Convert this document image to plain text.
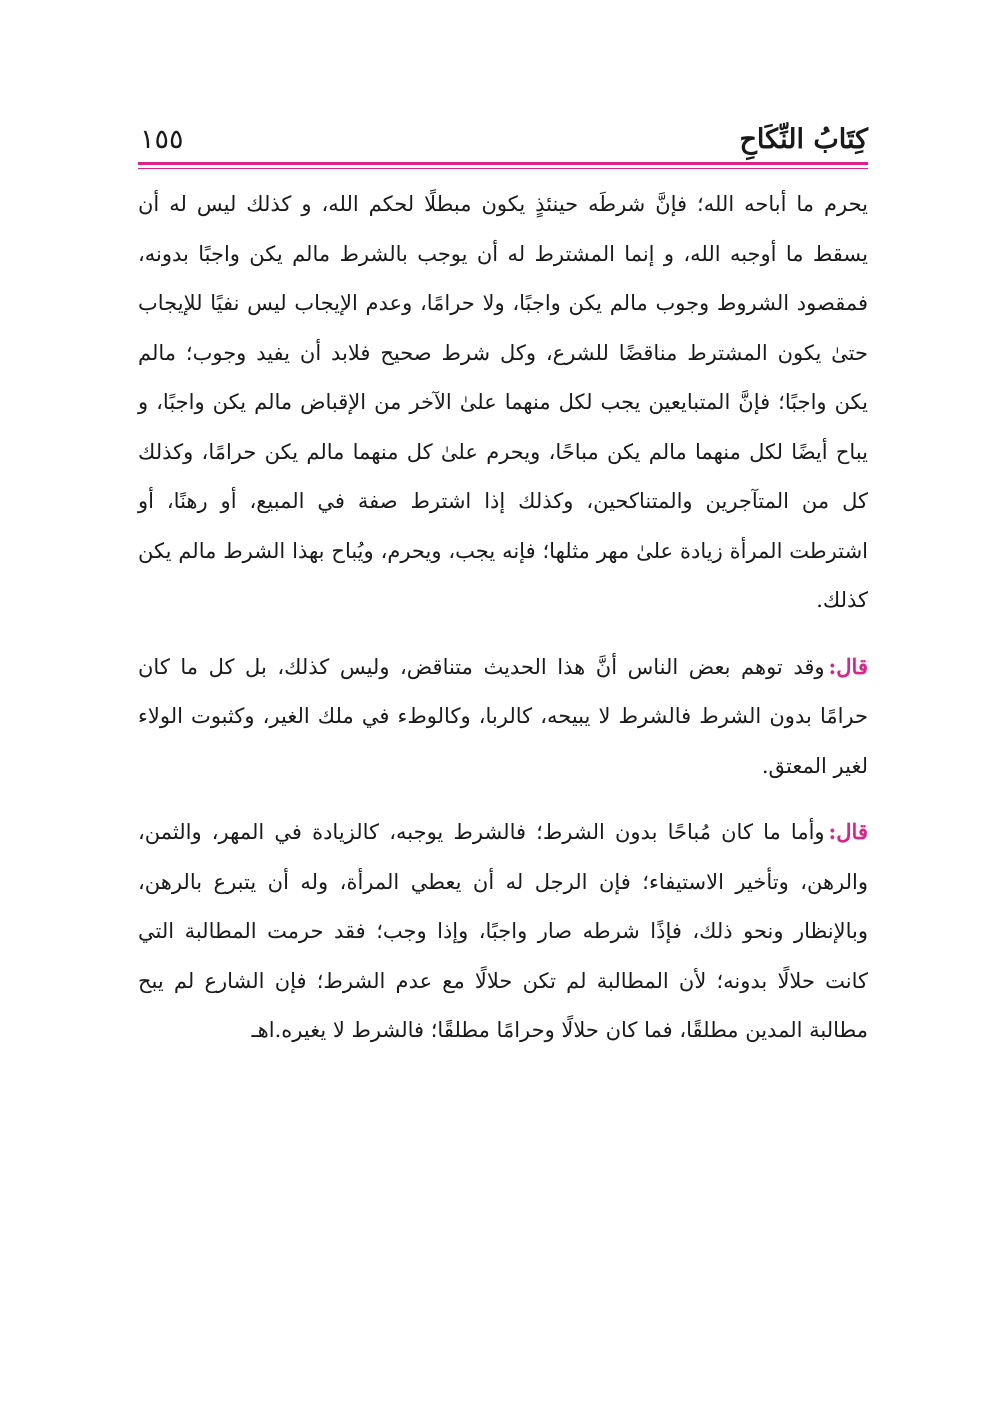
كِتَابُ النِّكَاحِ
١٥٥

يحرم ما أباحه الله؛ فإنَّ شرطَه حينئذٍ يكون مبطلًا لحكم الله، و كذلك ليس له أن يسقط ما أوجبه الله، و إنما المشترط له أن يوجب بالشرط مالم يكن واجبًا بدونه، فمقصود الشروط وجوب مالم يكن واجبًا، ولا حرامًا، وعدم الإيجاب ليس نفيًا للإيجاب حتىٰ يكون المشترط مناقضًا للشرع، وكل شرط صحيح فلابد أن يفيد وجوب؛ مالم يكن واجبًا؛ فإنَّ المتبايعين يجب لكل منهما علىٰ الآخر من الإقباض مالم يكن واجبًا، و يباح أيضًا لكل منهما مالم يكن مباحًا، ويحرم علىٰ كل منهما مالم يكن حرامًا، وكذلك كل من المتآجرين والمتناكحين، وكذلك إذا اشترط صفة في المبيع، أو رهنًا، أو اشترطت المرأة زيادة علىٰ مهر مثلها؛ فإنه يجب، ويحرم، ويُباح بهذا الشرط مالم يكن كذلك.

قال:وقد توهم بعض الناس أنَّ هذا الحديث متناقض، وليس كذلك، بل كل ما كان حرامًا بدون الشرط فالشرط لا يبيحه، كالربا، وكالوطء في ملك الغير، وكثبوت الولاء لغير المعتق.

قال:وأما ما كان مُباحًا بدون الشرط؛ فالشرط يوجبه، كالزيادة في المهر، والثمن، والرهن، وتأخير الاستيفاء؛ فإن الرجل له أن يعطي المرأة، وله أن يتبرع بالرهن، وبالإنظار ونحو ذلك، فإذًا شرطه صار واجبًا، وإذا وجب؛ فقد حرمت المطالبة التي كانت حلالًا بدونه؛ لأن المطالبة لم تكن حلالًا مع عدم الشرط؛ فإن الشارع لم يبح مطالبة المدين مطلقًا، فما كان حلالًا وحرامًا مطلقًا؛ فالشرط لا يغيره.اهـ
